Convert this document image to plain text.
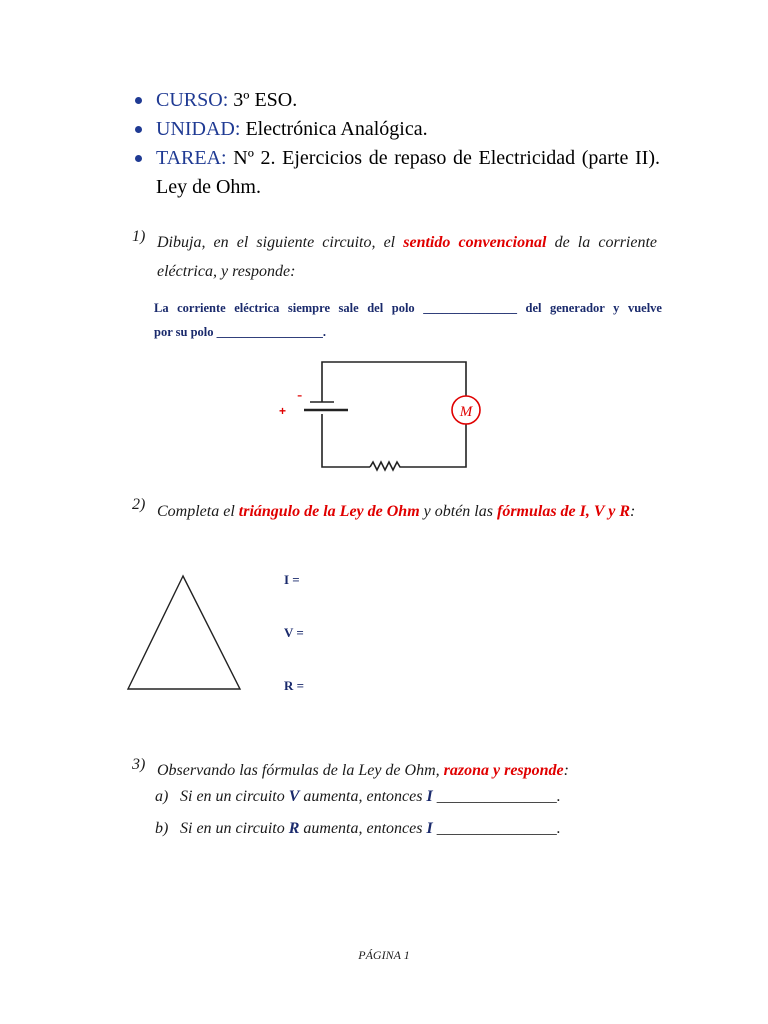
CURSO: 3º ESO.
UNIDAD: Electrónica Analógica.
TAREA: Nº 2. Ejercicios de repaso de Electricidad (parte II). Ley de Ohm.
1) Dibuja, en el siguiente circuito, el sentido convencional de la corriente eléctrica, y responde:
La corriente eléctrica siempre sale del polo _______________ del generador y vuelve
por su polo _________________.
-
+	M
2) Completa el triángulo de la Ley de Ohm y obtén las fórmulas de I, V y R:
I =
V =
R =
3) Observando las fórmulas de la Ley de Ohm, razona y responde:
a) Si en un circuito V aumenta, entonces I _______________.
b) Si en un circuito R aumenta, entonces I _______________.
PÁGINA 1
